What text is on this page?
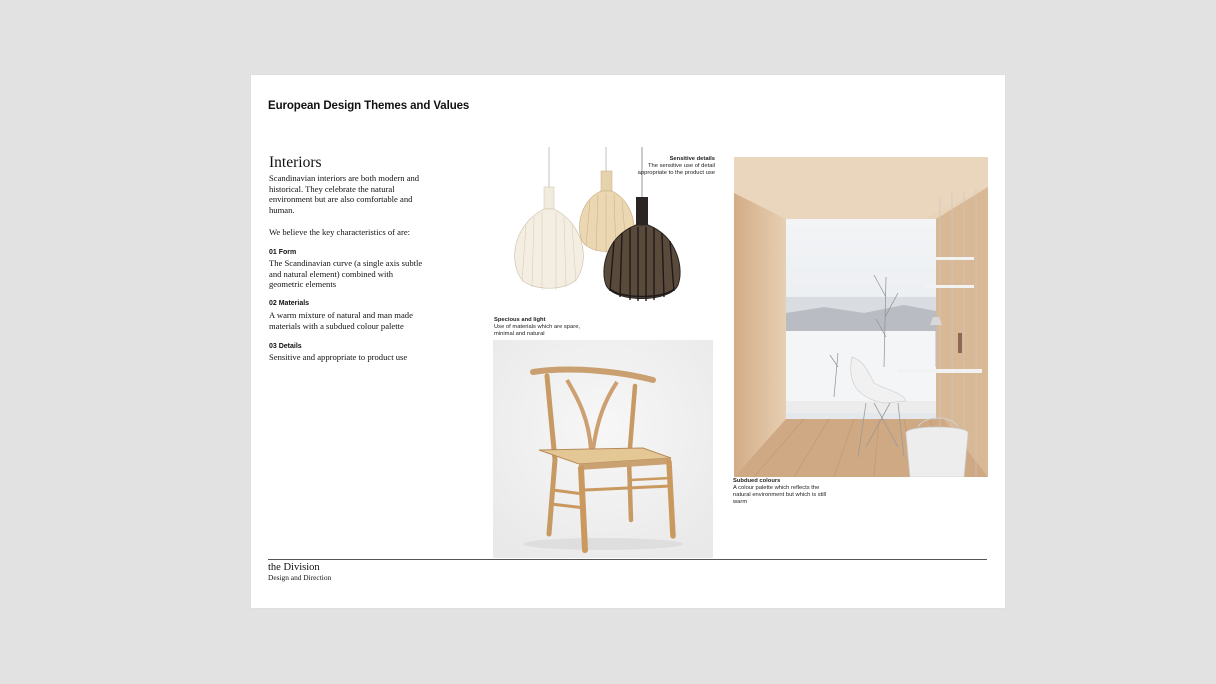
European Design Themes and Values
Interiors
Scandinavian interiors are both modern and historical. They celebrate the natural environment but are also comfortable and human.
We believe the key characteristics of are:
01 Form
The Scandinavian curve (a single axis subtle and natural element) combined with geometric elements
02 Materials
A warm mixture of natural and man made materials with a subdued colour palette
03 Details
Sensitive and appropriate to product use
Sensitive details
The sensitive use of detail appropriate to the product use
Specious and light
Use of materials which are spare, minimal and natural
Subdued colours
A colour palette which reflects the natural environment but which is still warm
the Division
Design and Direction
